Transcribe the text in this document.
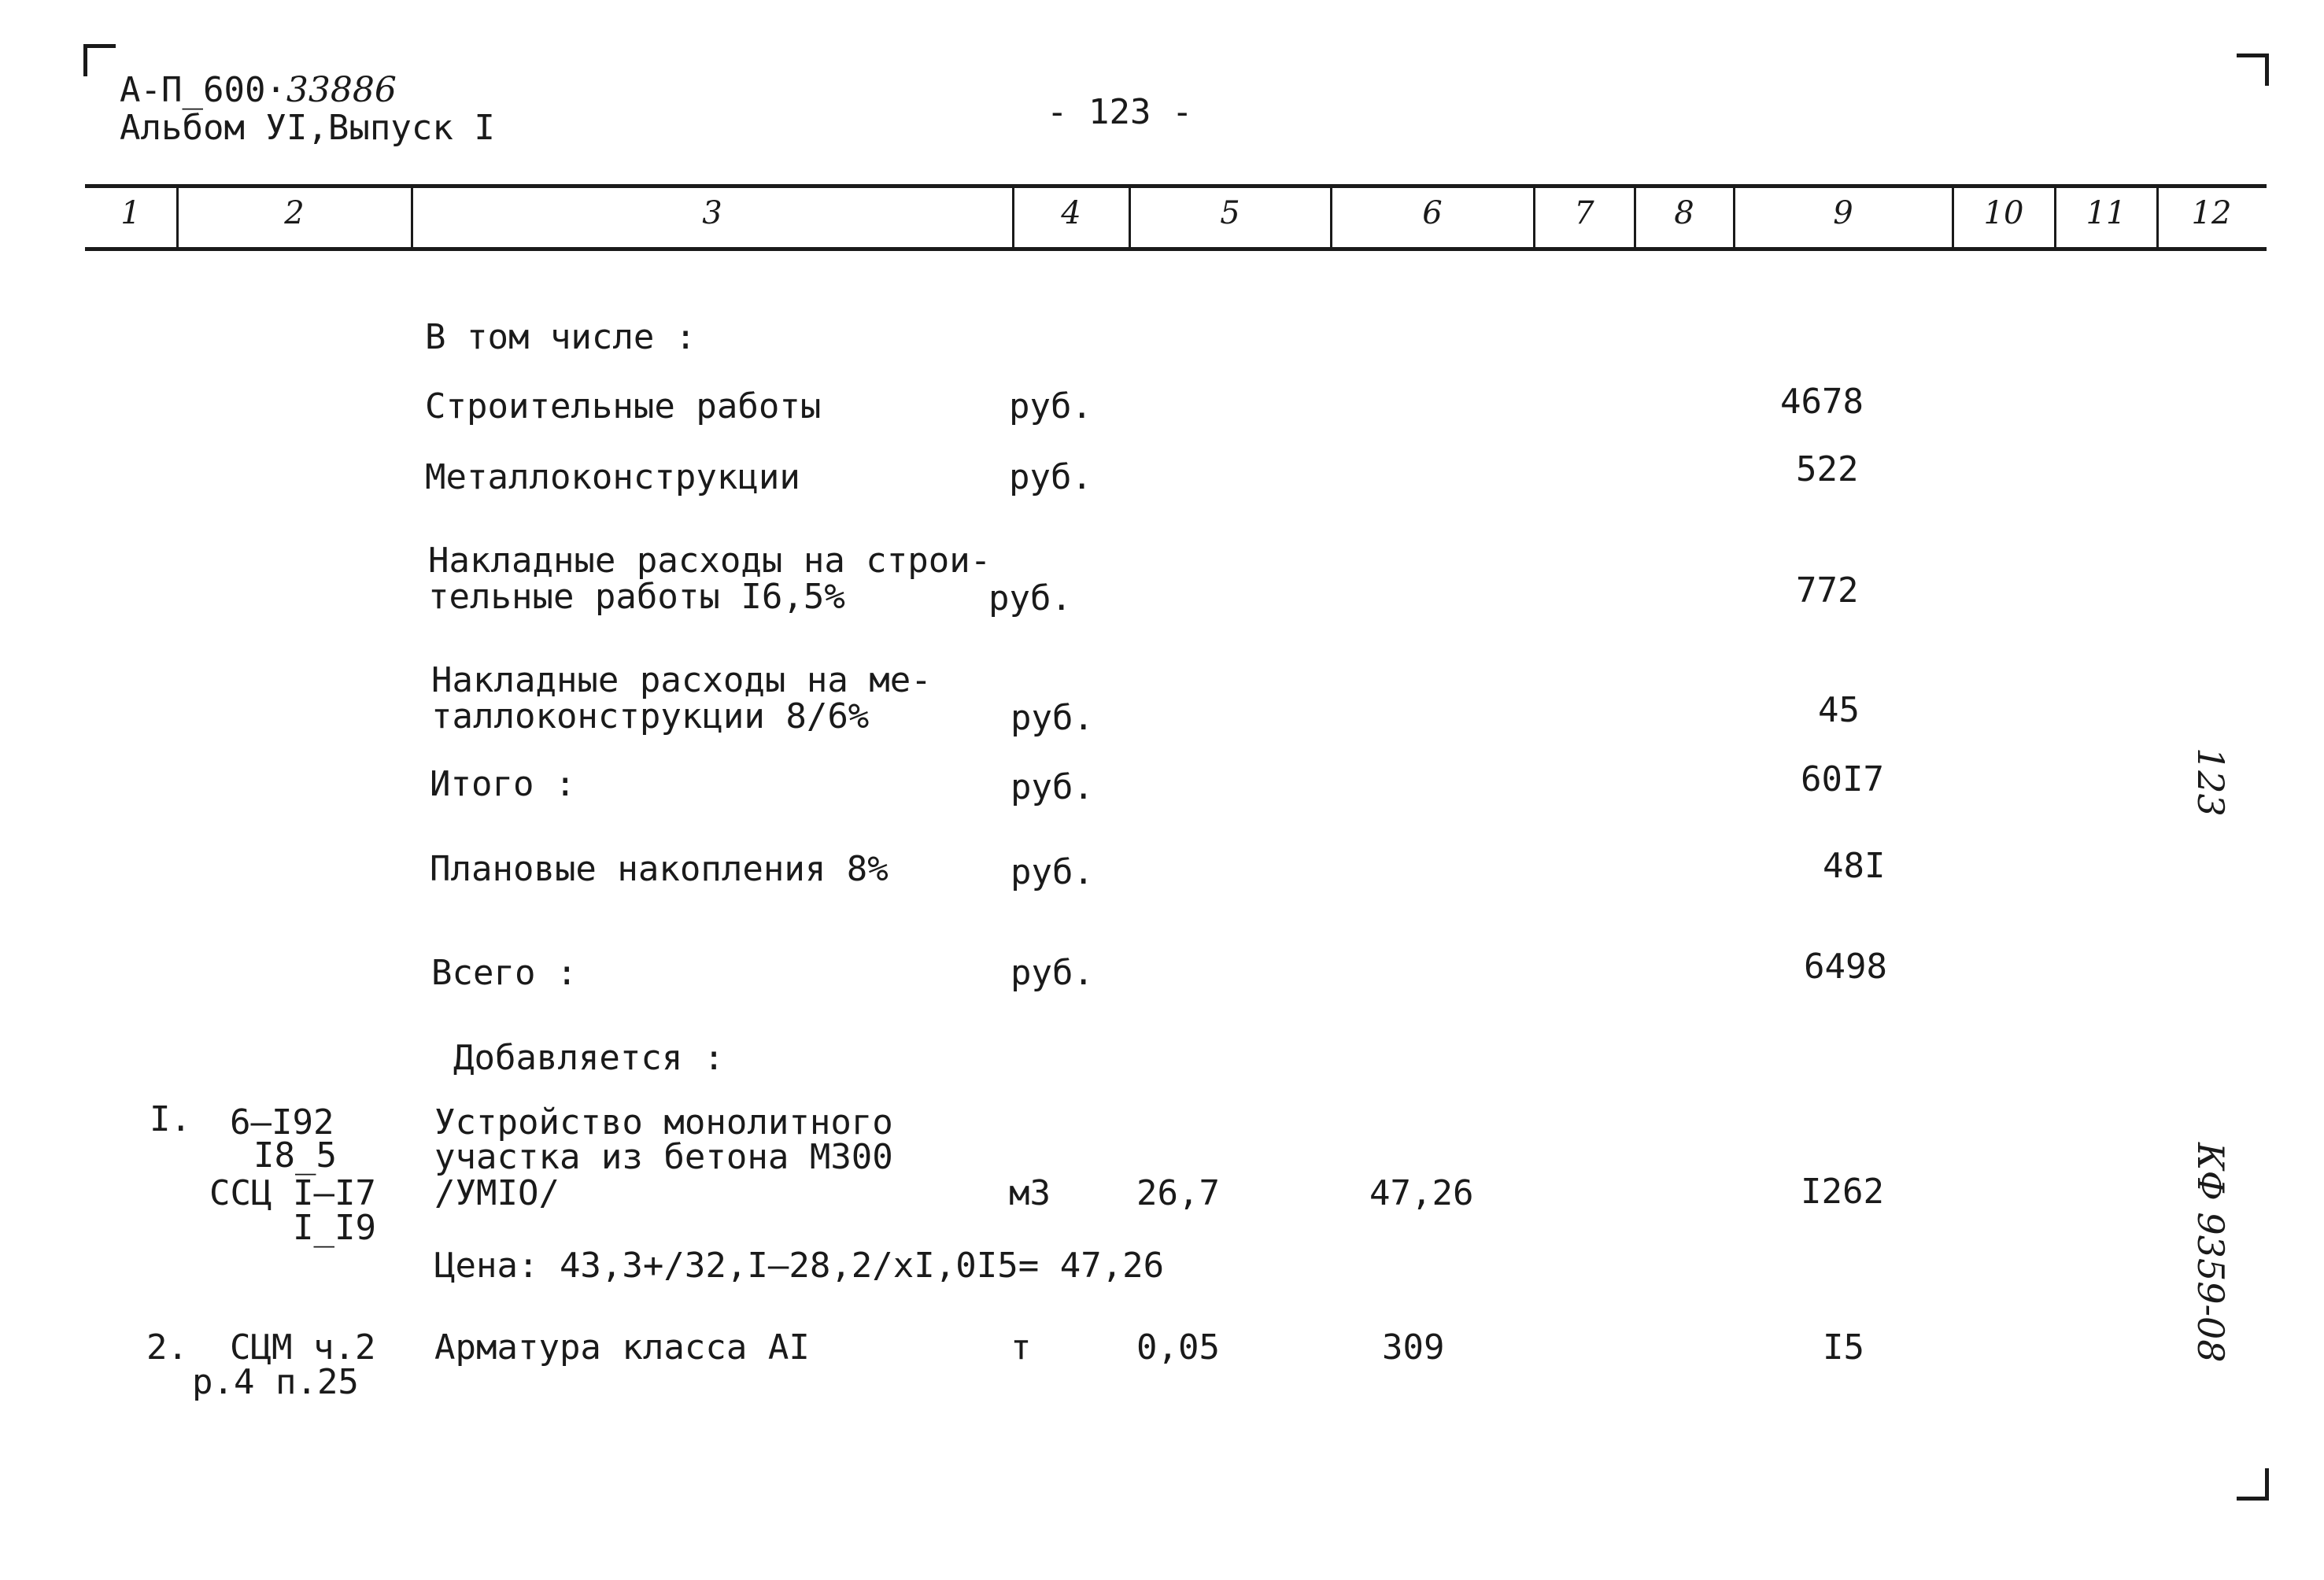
А-П_600·33886
Альбом УI,Выпуск I	- 123 -
1	2	3	4	5	6	7	8	9	10	11	12
В том числе :
Строительные работы	руб.	4678
Металлоконструкции	руб.	522
Накладные расходы на строи-
тельные работы I6,5%	руб.	772
Накладные расходы на ме-
таллоконструкции 8/6%	руб.	45
Итого :	руб.	60I7
Плановые накопления 8%	руб.	48I
Всего :	руб.	6498
Добавляется :
I. 6–I92
I8_5
ССЦ I–I7
I_I9
Устройство монолитного
участка из бетона М300
/УМIO/	м3 26,7	47,26	I262
Цена: 43,3+/32,I–28,2/хI,0I5= 47,26
2. СЦМ ч.2
р.4 п.25
Арматура класса АI	т	0,05	309	I5
123
КФ 9359-08
